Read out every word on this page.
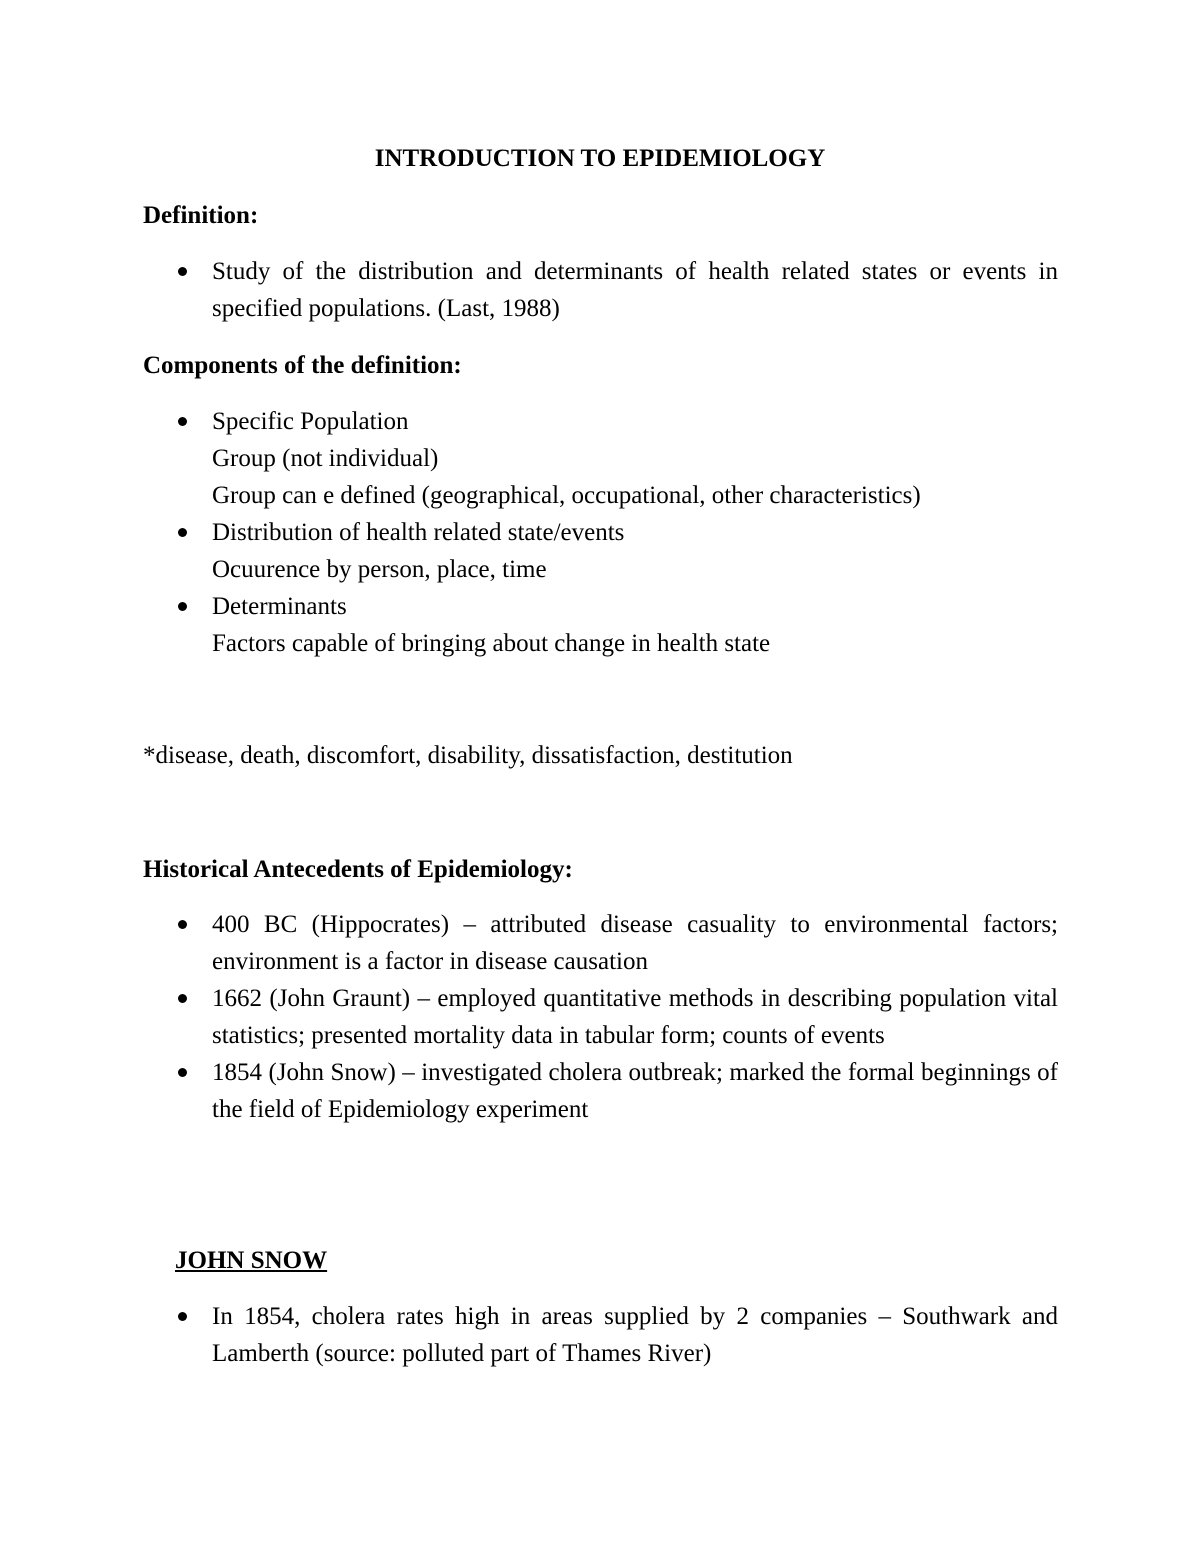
INTRODUCTION TO EPIDEMIOLOGY
Definition:
Study of the distribution and determinants of health related states or events in specified populations. (Last, 1988)
Components of the definition:
Specific Population
Group (not individual)
Group can e defined (geographical, occupational, other characteristics)
Distribution of health related state/events
Ocuurence by person, place, time
Determinants
Factors capable of bringing about change in health state

*disease, death, discomfort, disability, dissatisfaction, destitution

Historical Antecedents of Epidemiology:
400 BC (Hippocrates) – attributed disease casuality to environmental factors; environment is a factor in disease causation
1662 (John Graunt) – employed quantitative methods in describing population vital statistics; presented mortality data in tabular form; counts of events
1854 (John Snow) – investigated cholera outbreak; marked the formal beginnings of the field of Epidemiology experiment
JOHN SNOW
In 1854, cholera rates high in areas supplied by 2 companies – Southwark and Lamberth (source: polluted part of Thames River)
